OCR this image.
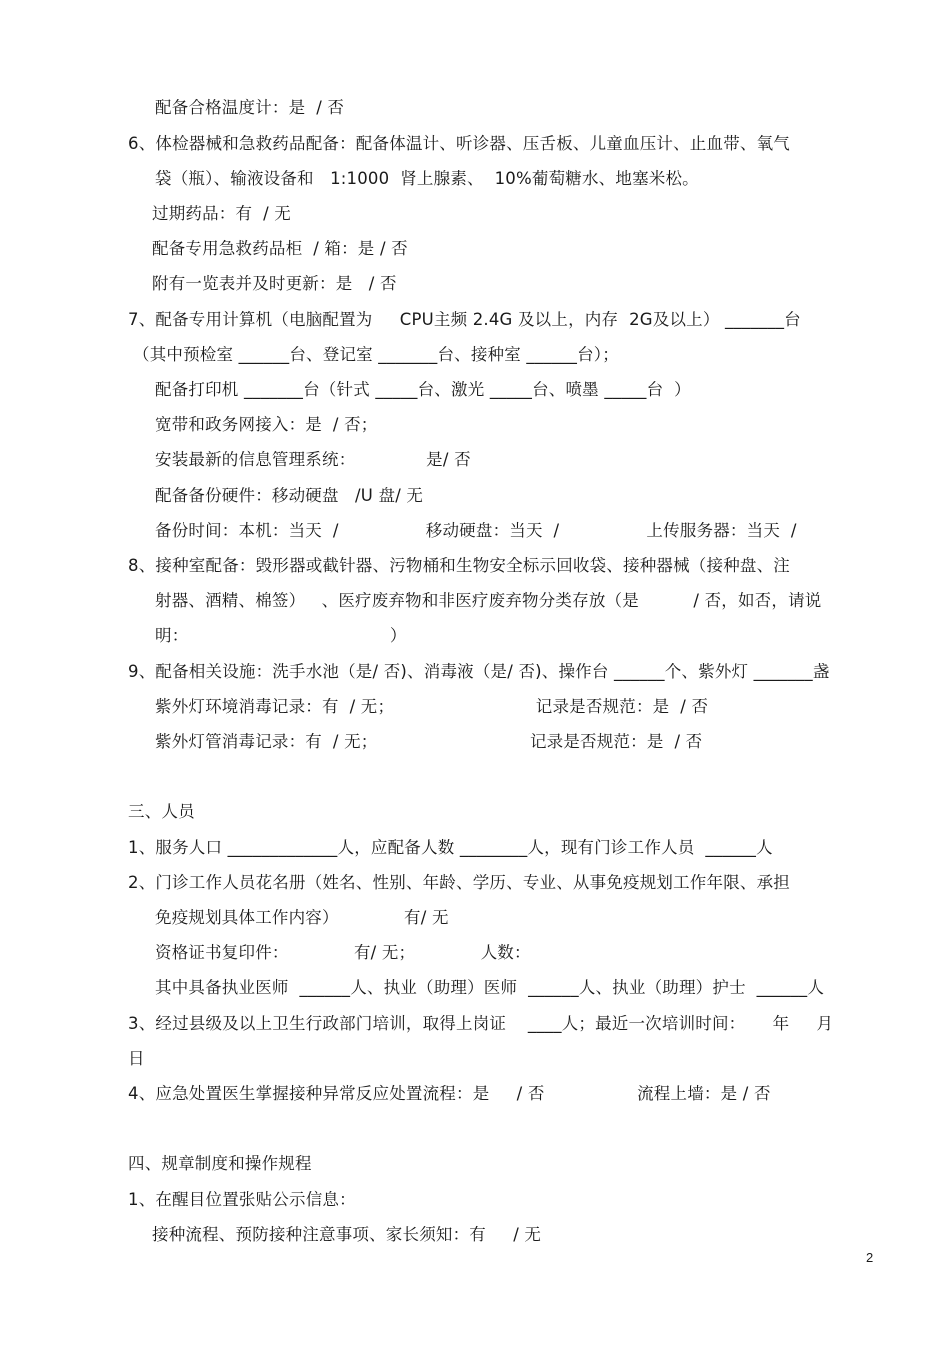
配备合格温度计：是  / 否
6、体检器械和急救药品配备：配备体温计、听诊器、压舌板、儿童血压计、止血带、氧气
袋（瓶）、输液设备和   1:1000  肾上腺素、  10%葡萄糖水、地塞米松。
过期药品：有  / 无
配备专用急救药品柜  / 箱：是 / 否
附有一览表并及时更新：是   / 否
7、配备专用计算机（电脑配置为     CPU主频 2.4G 及以上，内存  2G及以上） _______台
（其中预检室 ______台、登记室 _______台、接种室 ______台）；
配备打印机 _______台（针式 _____台、激光 _____台、喷墨 _____台  ）
宽带和政务网接入：是  / 否；
安装最新的信息管理系统：             是/ 否
配备备份硬件：移动硬盘   /U 盘/ 无
备份时间：本机：当天  /                移动硬盘：当天  /                上传服务器：当天  /
8、接种室配备：毁形器或截针器、污物桶和生物安全标示回收袋、接种器械（接种盘、注
射器、酒精、棉签）   、医疗废弃物和非医疗废弃物分类存放（是          / 否，如否，请说
明：                                     ）
9、配备相关设施：洗手水池（是/ 否)、消毒液（是/ 否)、操作台 ______个、紫外灯 _______盏
紫外灯环境消毒记录：有  / 无；                          记录是否规范：是  / 否
紫外灯管消毒记录：有  / 无；                            记录是否规范：是  / 否
三、人员
1、服务人口 _____________人，应配备人数 ________人，现有门诊工作人员  ______人
2、门诊工作人员花名册（姓名、性别、年龄、学历、专业、从事免疫规划工作年限、承担
免疫规划具体工作内容）            有/ 无
资格证书复印件：            有/ 无；            人数：
其中具备执业医师  ______人、执业（助理）医师  ______人、执业（助理）护士  ______人
3、经过县级及以上卫生行政部门培训，取得上岗证    ____人；最近一次培训时间：     年     月
日
4、应急处置医生掌握接种异常反应处置流程：是     / 否                 流程上墙：是 / 否
四、规章制度和操作规程
1、在醒目位置张贴公示信息：
接种流程、预防接种注意事项、家长须知：有     / 无
2
